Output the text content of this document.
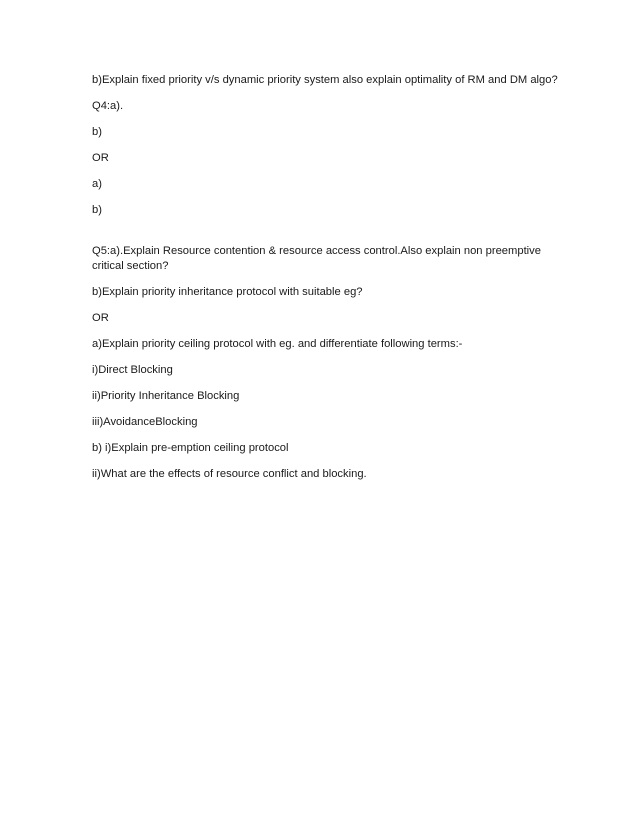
b)Explain fixed priority v/s dynamic priority system also explain optimality of RM and DM algo?
Q4:a).
b)
OR
a)
b)
Q5:a).Explain Resource contention & resource access control.Also explain non preemptive
critical section?
b)Explain priority inheritance protocol with suitable eg?
OR
a)Explain priority ceiling protocol with eg. and differentiate following terms:-
i)Direct Blocking
ii)Priority Inheritance Blocking
iii)AvoidanceBlocking
b) i)Explain pre-emption ceiling protocol
ii)What are the effects of resource conflict and blocking.
